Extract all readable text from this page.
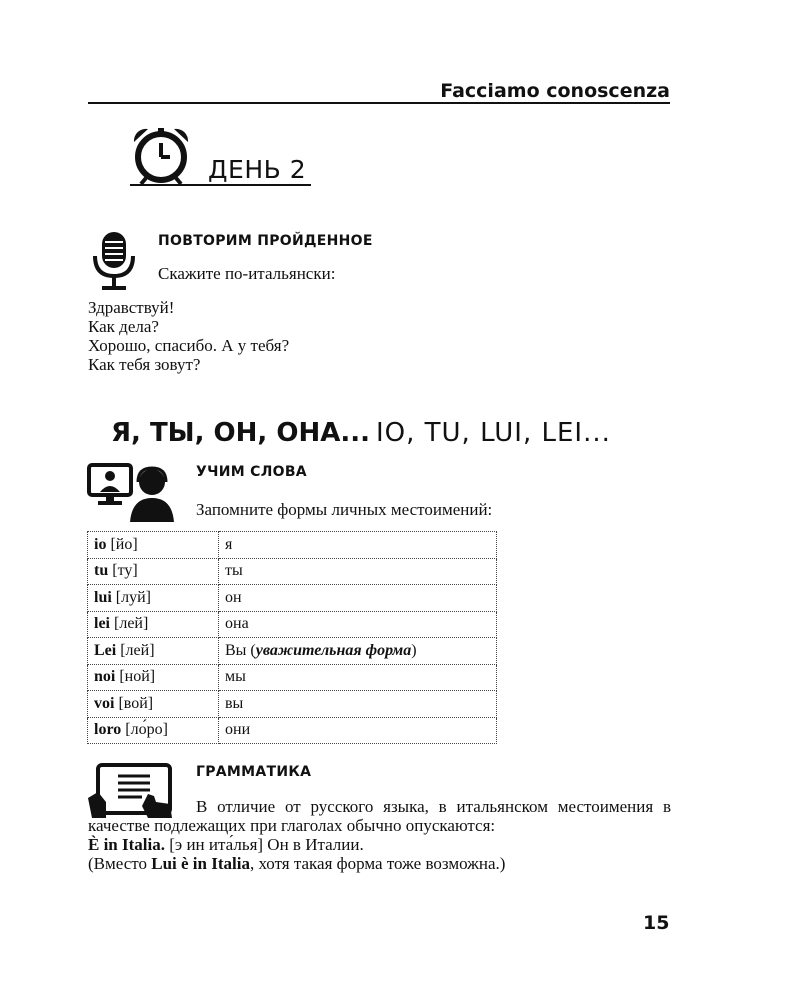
Facciamo conoscenza
ДЕНЬ 2
ПОВТОРИМ ПРОЙДЕННОЕ
Скажите по-итальянски:
Здравствуй!
Как дела?
Хорошо, спасибо. А у тебя?
Как тебя зовут?
Я, ТЫ, ОН, ОНА... IO, TU, LUI, LEI...
УЧИМ СЛОВА
Запомните формы личных местоимений:
io [йо]	я
tu [ту]	ты
lui [луй]	он
lei [лей]	она
Lei [лей]	Вы (уважительная форма)
noi [ной]	мы
voi [вой]	вы
loro [ло́ро]	они
ГРАММАТИКА

В отличие от русского языка, в итальянском местоимения в качестве подлежащих при глаголах обычно опускаются:

È in Italia. [э ин ита́лья] Он в Италии.

(Вместо Lui è in Italia, хотя такая форма тоже возможна.)

15
